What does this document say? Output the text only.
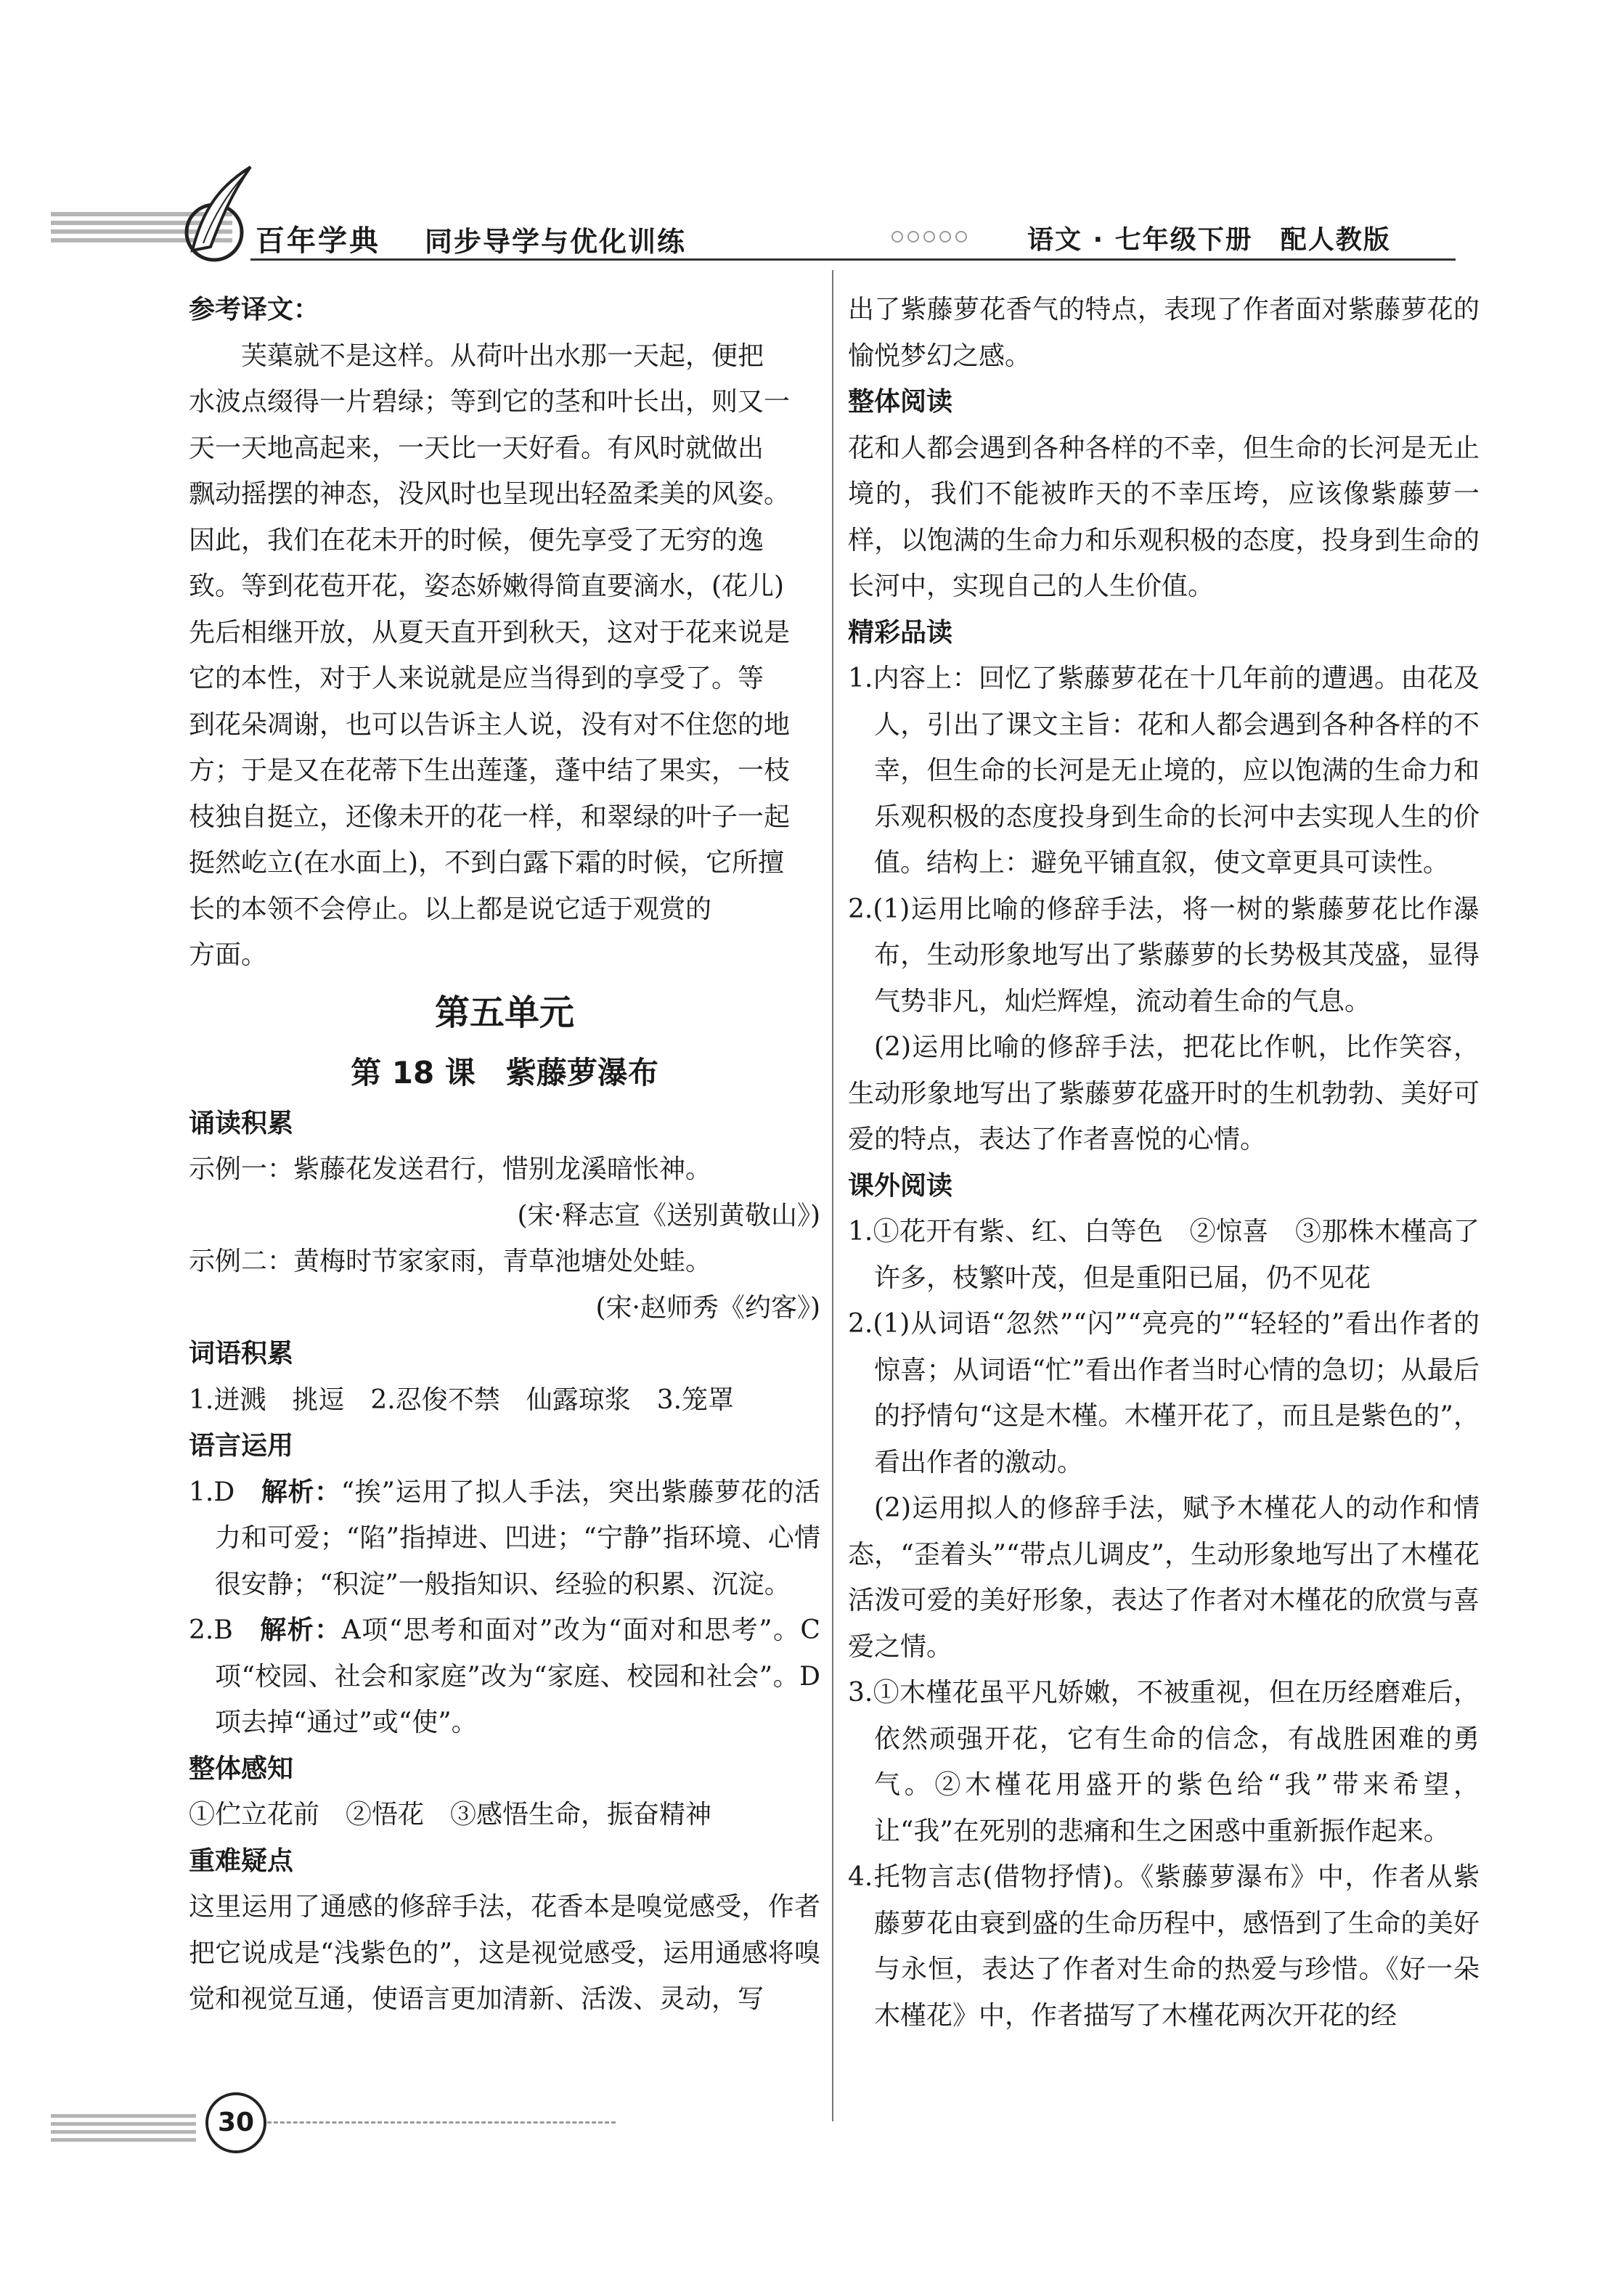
百年学典 同步导学与优化训练	语文 · 七年级下册　配人教版

参考译文：

芙蕖就不是这样。从荷叶出水那一天起，便把

水波点缀得一片碧绿；等到它的茎和叶长出，则又一

天一天地高起来，一天比一天好看。有风时就做出

飘动摇摆的神态，没风时也呈现出轻盈柔美的风姿。

因此，我们在花未开的时候，便先享受了无穷的逸

致。等到花苞开花，姿态娇嫩得简直要滴水，(花儿)

先后相继开放，从夏天直开到秋天，这对于花来说是

它的本性，对于人来说就是应当得到的享受了。等

到花朵凋谢，也可以告诉主人说，没有对不住您的地

方；于是又在花蒂下生出莲蓬，蓬中结了果实，一枝

枝独自挺立，还像未开的花一样，和翠绿的叶子一起

挺然屹立(在水面上)，不到白露下霜的时候，它所擅

长的本领不会停止。以上都是说它适于观赏的

方面。

第五单元

第 18 课　紫藤萝瀑布

诵读积累

示例一：紫藤花发送君行，惜别龙溪暗怅神。

(宋·释志宣《送别黄敬山》)

示例二：黄梅时节家家雨，青草池塘处处蛙。

(宋·赵师秀《约客》)

词语积累

1.迸溅　挑逗　2.忍俊不禁　仙露琼浆　3.笼罩

语言运用

1.D 解析：“挨”运用了拟人手法，突出紫藤萝花的活力和可爱；“陷”指掉进、凹进；“宁静”指环境、心情很安静；“积淀”一般指知识、经验的积累、沉淀。

2.B 解析：A项“思考和面对”改为“面对和思考”。C项“校园、社会和家庭”改为“家庭、校园和社会”。D项去掉“通过”或“使”。

整体感知

①伫立花前　②悟花　③感悟生命，振奋精神

重难疑点

这里运用了通感的修辞手法，花香本是嗅觉感受，作者把它说成是“浅紫色的”，这是视觉感受，运用通感将嗅觉和视觉互通，使语言更加清新、活泼、灵动，写

出了紫藤萝花香气的特点，表现了作者面对紫藤萝花的愉悦梦幻之感。

整体阅读

花和人都会遇到各种各样的不幸，但生命的长河是无止境的，我们不能被昨天的不幸压垮，应该像紫藤萝一样，以饱满的生命力和乐观积极的态度，投身到生命的长河中，实现自己的人生价值。

精彩品读

1.内容上：回忆了紫藤萝花在十几年前的遭遇。由花及人，引出了课文主旨：花和人都会遇到各种各样的不幸，但生命的长河是无止境的，应以饱满的生命力和乐观积极的态度投身到生命的长河中去实现人生的价值。结构上：避免平铺直叙，使文章更具可读性。

2.(1)运用比喻的修辞手法，将一树的紫藤萝花比作瀑布，生动形象地写出了紫藤萝的长势极其茂盛，显得气势非凡，灿烂辉煌，流动着生命的气息。

(2)运用比喻的修辞手法，把花比作帆，比作笑容，生动形象地写出了紫藤萝花盛开时的生机勃勃、美好可爱的特点，表达了作者喜悦的心情。

课外阅读

1.①花开有紫、红、白等色　②惊喜　③那株木槿高了许多，枝繁叶茂，但是重阳已届，仍不见花

2.(1)从词语“忽然”“闪”“亮亮的”“轻轻的”看出作者的惊喜；从词语“忙”看出作者当时心情的急切；从最后的抒情句“这是木槿。木槿开花了，而且是紫色的”，看出作者的激动。

(2)运用拟人的修辞手法，赋予木槿花人的动作和情态，“歪着头”“带点儿调皮”，生动形象地写出了木槿花活泼可爱的美好形象，表达了作者对木槿花的欣赏与喜爱之情。

3.①木槿花虽平凡娇嫩，不被重视，但在历经磨难后，依然顽强开花，它有生命的信念，有战胜困难的勇气。②木槿花用盛开的紫色给“我”带来希望，让“我”在死别的悲痛和生之困惑中重新振作起来。

4.托物言志(借物抒情)。《紫藤萝瀑布》中，作者从紫藤萝花由衰到盛的生命历程中，感悟到了生命的美好与永恒，表达了作者对生命的热爱与珍惜。《好一朵木槿花》中，作者描写了木槿花两次开花的经

30
